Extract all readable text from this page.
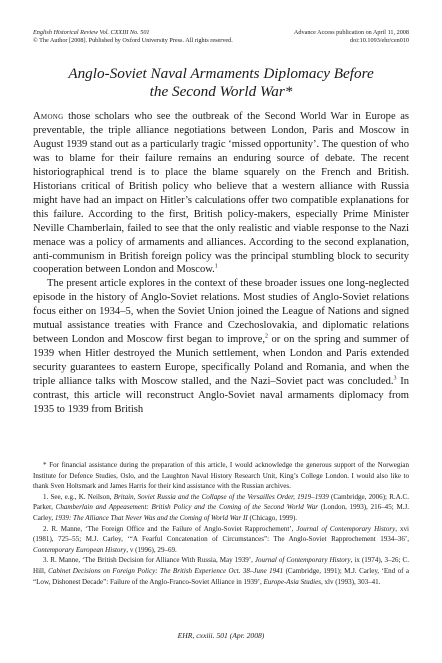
English Historical Review Vol. CXXIII No. 501	Advance Access publication on April 11, 2008
© The Author [2008]. Published by Oxford University Press. All rights reserved.	doi:10.1093/ehr/cen010
Anglo-Soviet Naval Armaments Diplomacy Before
the Second World War*

Among those scholars who see the outbreak of the Second World War in Europe as preventable, the triple alliance negotiations between London, Paris and Moscow in August 1939 stand out as a particularly tragic ‘missed opportunity’. The question of who was to blame for their failure remains an enduring source of debate. The recent historiographical trend is to place the blame squarely on the French and British. Historians critical of British policy who believe that a western alliance with Russia might have had an impact on Hitler’s calculations offer two compatible explanations for this failure. According to the first, British policy-makers, especially Prime Minister Neville Chamberlain, failed to see that the only realistic and viable response to the Nazi menace was a policy of armaments and alliances. According to the second explanation, anti-communism in British foreign policy was the principal stumbling block to security cooperation between London and Moscow.$^1$

The present article explores in the context of these broader issues one long-neglected episode in the history of Anglo-Soviet relations. Most studies of Anglo-Soviet relations focus either on 1934–5, when the Soviet Union joined the League of Nations and signed mutual assistance treaties with France and Czechoslovakia, and diplomatic relations between London and Moscow first began to improve,$^2$ or on the spring and summer of 1939 when Hitler destroyed the Munich settlement, when London and Paris extended security guarantees to eastern Europe, specifically Poland and Romania, and when the triple alliance talks with Moscow stalled, and the Nazi–Soviet pact was concluded.$^3$ In contrast, this article will reconstruct Anglo-Soviet naval armaments diplomacy from 1935 to 1939 from British

* For financial assistance during the preparation of this article, I would acknowledge the generous support of the Norwegian Institute for Defence Studies, Oslo, and the Laughton Naval History Research Unit, King’s College London. I would also like to thank Sven Holtsmark and James Harris for their kind assistance with the Russian archives.

1. See, e.g., K. Neilson, Britain, Soviet Russia and the Collapse of the Versailles Order, 1919–1939 (Cambridge, 2006); R.A.C. Parker, Chamberlain and Appeasement: British Policy and the Coming of the Second World War (London, 1993), 216–45; M.J. Carley, 1939: The Alliance That Never Was and the Coming of World War II (Chicago, 1999).

2. R. Manne, ‘The Foreign Office and the Failure of Anglo-Soviet Rapprochement’, Journal of Contemporary History, xvi (1981), 725–55; M.J. Carley, ‘“A Fearful Concatenation of Circumstances”: The Anglo-Soviet Rapprochement 1934–36’, Contemporary European History, v (1996), 29–69.

3. R. Manne, ‘The British Decision for Alliance With Russia, May 1939’, Journal of Contemporary History, ix (1974), 3–26; C. Hill, Cabinet Decisions on Foreign Policy: The British Experience Oct. 38–June 1941 (Cambridge, 1991); M.J. Carley, ‘End of a “Low, Dishonest Decade”: Failure of the Anglo-Franco-Soviet Alliance in 1939’, Europe-Asia Studies, xlv (1993), 303–41.

EHR, cxxiii. 501 (Apr. 2008)
